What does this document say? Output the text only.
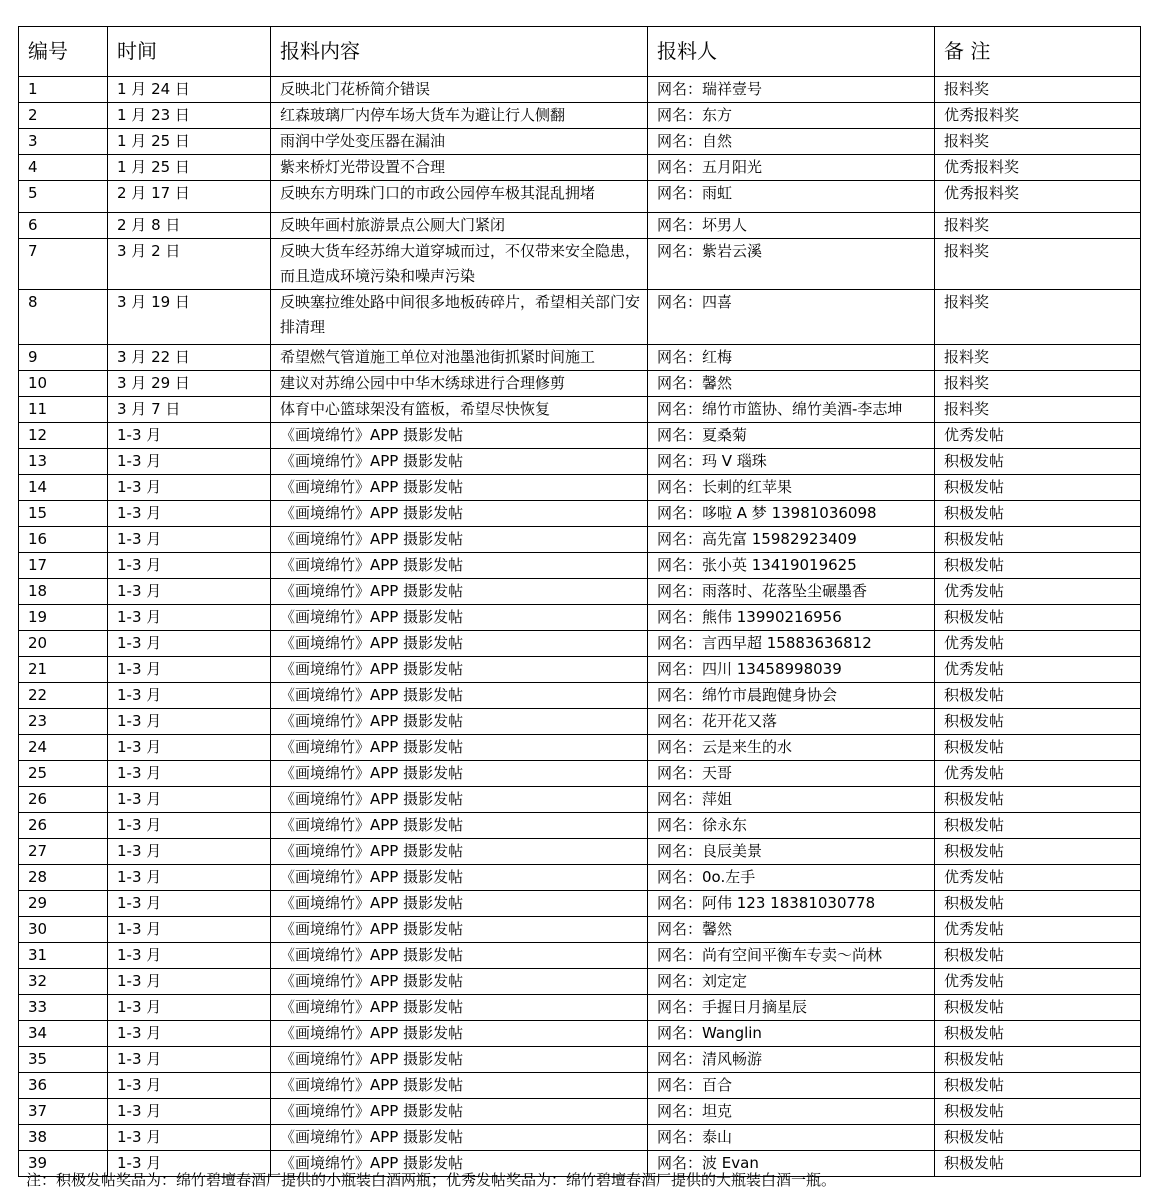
编号	时间	报料内容	报料人	备 注
1	1 月 24 日	反映北门花桥简介错误	网名：瑞祥壹号	报料奖
2	1 月 23 日	红森玻璃厂内停车场大货车为避让行人侧翻	网名：东方	优秀报料奖
3	1 月 25 日	雨润中学处变压器在漏油	网名：自然	报料奖
4	1 月 25 日	紫来桥灯光带设置不合理	网名：五月阳光	优秀报料奖
5	2 月 17 日	反映东方明珠门口的市政公园停车极其混乱拥堵	网名：雨虹	优秀报料奖
6	2 月 8 日	反映年画村旅游景点公厕大门紧闭	网名：坏男人	报料奖
7	3 月 2 日	反映大货车经苏绵大道穿城而过，不仅带来安全隐患，而且造成环境污染和噪声污染	网名：紫岩云溪	报料奖
8	3 月 19 日	反映塞拉维处路中间很多地板砖碎片，希望相关部门安排清理	网名：四喜	报料奖
9	3 月 22 日	希望燃气管道施工单位对池墨池街抓紧时间施工	网名：红梅	报料奖
10	3 月 29 日	建议对苏绵公园中中华木绣球进行合理修剪	网名：馨然	报料奖
11	3 月 7 日	体育中心篮球架没有篮板，希望尽快恢复	网名：绵竹市篮协、绵竹美酒-李志坤	报料奖
12	1-3 月	《画境绵竹》APP 摄影发帖	网名：夏桑菊	优秀发帖
13	1-3 月	《画境绵竹》APP 摄影发帖	网名：玛 V 瑙珠	积极发帖
14	1-3 月	《画境绵竹》APP 摄影发帖	网名：长刺的红苹果	积极发帖
15	1-3 月	《画境绵竹》APP 摄影发帖	网名：哆啦 A 梦 13981036098	积极发帖
16	1-3 月	《画境绵竹》APP 摄影发帖	网名：高先富 15982923409	积极发帖
17	1-3 月	《画境绵竹》APP 摄影发帖	网名：张小英 13419019625	积极发帖
18	1-3 月	《画境绵竹》APP 摄影发帖	网名：雨落时、花落坠尘碾墨香	优秀发帖
19	1-3 月	《画境绵竹》APP 摄影发帖	网名：熊伟 13990216956	积极发帖
20	1-3 月	《画境绵竹》APP 摄影发帖	网名：言西早超 15883636812	优秀发帖
21	1-3 月	《画境绵竹》APP 摄影发帖	网名：四川 13458998039	优秀发帖
22	1-3 月	《画境绵竹》APP 摄影发帖	网名：绵竹市晨跑健身协会	积极发帖
23	1-3 月	《画境绵竹》APP 摄影发帖	网名：花开花又落	积极发帖
24	1-3 月	《画境绵竹》APP 摄影发帖	网名：云是来生的水	积极发帖
25	1-3 月	《画境绵竹》APP 摄影发帖	网名：天哥	优秀发帖
26	1-3 月	《画境绵竹》APP 摄影发帖	网名：萍姐	积极发帖
26	1-3 月	《画境绵竹》APP 摄影发帖	网名：徐永东	积极发帖
27	1-3 月	《画境绵竹》APP 摄影发帖	网名：良辰美景	积极发帖
28	1-3 月	《画境绵竹》APP 摄影发帖	网名：0o.左手	优秀发帖
29	1-3 月	《画境绵竹》APP 摄影发帖	网名：阿伟 123 18381030778	积极发帖
30	1-3 月	《画境绵竹》APP 摄影发帖	网名：馨然	优秀发帖
31	1-3 月	《画境绵竹》APP 摄影发帖	网名：尚有空间平衡车专卖～尚林	积极发帖
32	1-3 月	《画境绵竹》APP 摄影发帖	网名：刘定定	优秀发帖
33	1-3 月	《画境绵竹》APP 摄影发帖	网名：手握日月摘星辰	积极发帖
34	1-3 月	《画境绵竹》APP 摄影发帖	网名：Wanglin	积极发帖
35	1-3 月	《画境绵竹》APP 摄影发帖	网名：清风畅游	积极发帖
36	1-3 月	《画境绵竹》APP 摄影发帖	网名：百合	积极发帖
37	1-3 月	《画境绵竹》APP 摄影发帖	网名：坦克	积极发帖
38	1-3 月	《画境绵竹》APP 摄影发帖	网名：泰山	积极发帖
39	1-3 月	《画境绵竹》APP 摄影发帖	网名：波 Evan	积极发帖
注：积极发帖奖品为：绵竹碧壇春酒厂提供的小瓶装白酒两瓶；优秀发帖奖品为：绵竹碧壇春酒厂提供的大瓶装白酒一瓶。
